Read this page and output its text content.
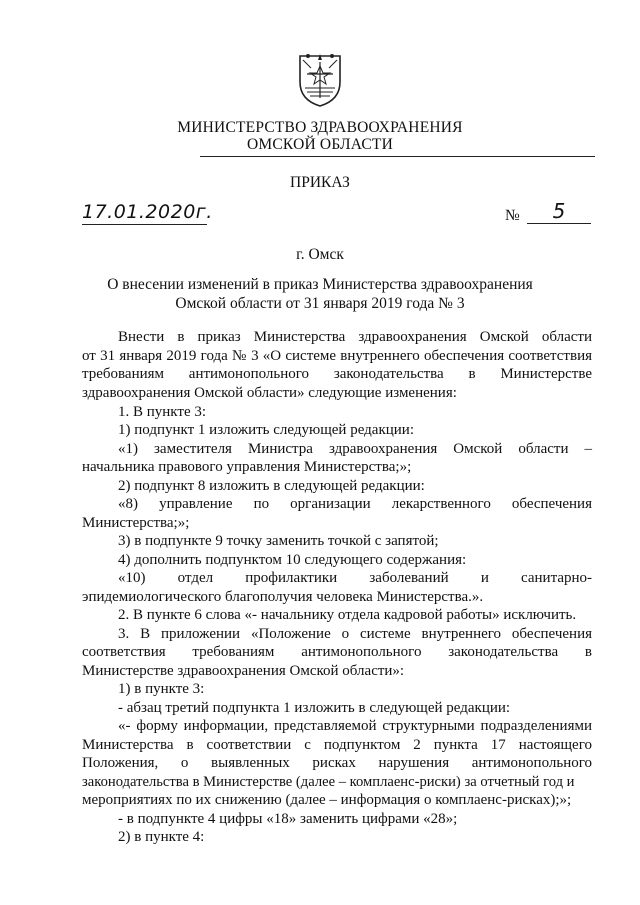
МИНИСТЕРСТВО ЗДРАВООХРАНЕНИЯ
ОМСКОЙ ОБЛАСТИ
ПРИКАЗ
17.01.2020г.	№	5
г. Омск
О внесении изменений в приказ Министерства здравоохранения
Омской области от 31 января 2019 года № 3
Внести в приказ Министерства здравоохранения Омской области
от 31 января 2019 года № 3 «О системе внутреннего обеспечения соответствия
требованиям антимонопольного законодательства в Министерстве
здравоохранения Омской области» следующие изменения:
1. В пункте 3:
1) подпункт 1 изложить следующей редакции:
«1) заместителя Министра здравоохранения Омской области –
начальника правового управления Министерства;»;
2) подпункт 8 изложить в следующей редакции:
«8) управление по организации лекарственного обеспечения
Министерства;»;
3) в подпункте 9 точку заменить точкой с запятой;
4) дополнить подпунктом 10 следующего содержания:
«10) отдел профилактики заболеваний и санитарно-
эпидемиологического благополучия человека Министерства.».
2. В пункте 6 слова «- начальнику отдела кадровой работы» исключить.
3. В приложении «Положение о системе внутреннего обеспечения
соответствия требованиям антимонопольного законодательства в
Министерстве здравоохранения Омской области»:
1) в пункте 3:
- абзац третий подпункта 1 изложить в следующей редакции:
«- форму информации, представляемой структурными подразделениями
Министерства в соответствии с подпунктом 2 пункта 17 настоящего
Положения, о выявленных рисках нарушения антимонопольного
законодательства в Министерстве (далее – комплаенс-риски) за отчетный год и
мероприятиях по их снижению (далее – информация о комплаенс-рисках);»;
- в подпункте 4 цифры «18» заменить цифрами «28»;
2) в пункте 4:
